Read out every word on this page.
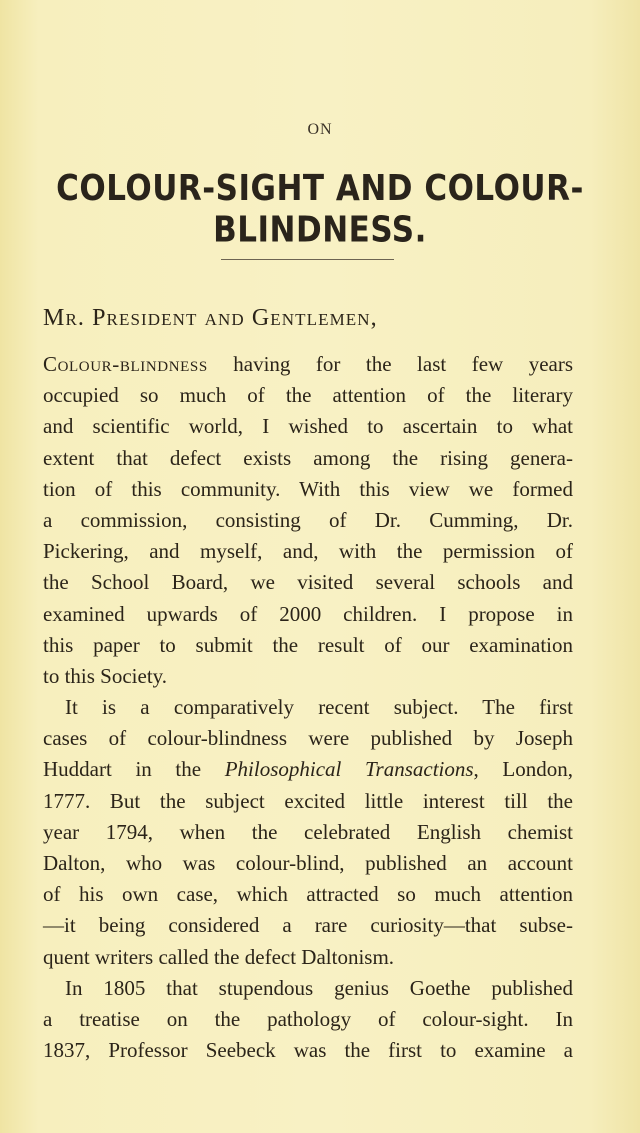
ON
COLOUR-SIGHT AND COLOUR-BLINDNESS.
Mr. President and Gentlemen,
Colour-blindness having for the last few years
occupied so much of the attention of the literary
and scientific world, I wished to ascertain to what
extent that defect exists among the rising genera-
tion of this community. With this view we formed
a commission, consisting of Dr. Cumming, Dr.
Pickering, and myself, and, with the permission of
the School Board, we visited several schools and
examined upwards of 2000 children. I propose in
this paper to submit the result of our examination
to this Society.
It is a comparatively recent subject. The first
cases of colour-blindness were published by Joseph
Huddart in the Philosophical Transactions, London,
1777. But the subject excited little interest till the
year 1794, when the celebrated English chemist
Dalton, who was colour-blind, published an account
of his own case, which attracted so much attention
—it being considered a rare curiosity—that subse-
quent writers called the defect Daltonism.
In 1805 that stupendous genius Goethe published
a treatise on the pathology of colour-sight. In
1837, Professor Seebeck was the first to examine a
